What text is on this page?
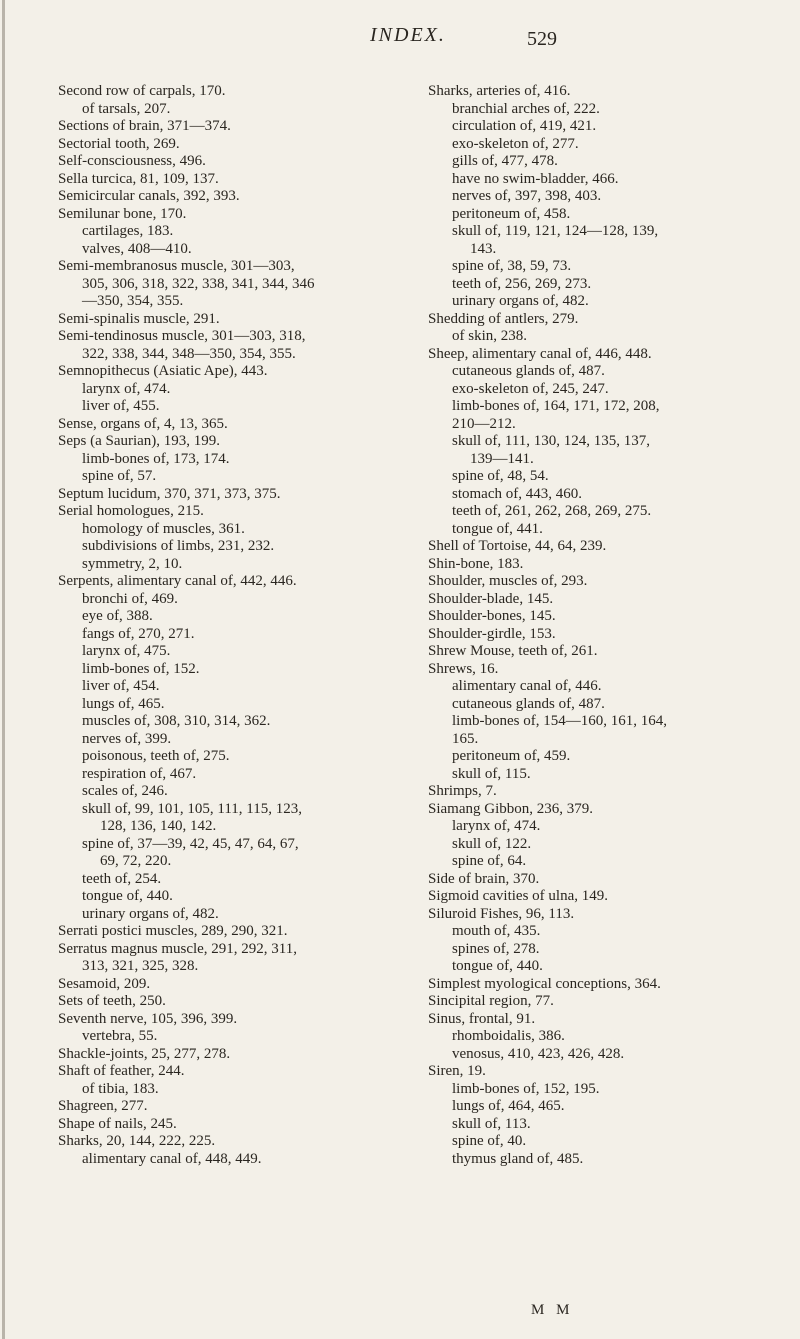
INDEX.	529

Second row of carpals, 170.

of tarsals, 207.

Sections of brain, 371—374.

Sectorial tooth, 269.

Self-consciousness, 496.

Sella turcica, 81, 109, 137.

Semicircular canals, 392, 393.

Semilunar bone, 170.

cartilages, 183.

valves, 408—410.

Semi-membranosus muscle, 301—303,

305, 306, 318, 322, 338, 341, 344, 346

—350, 354, 355.

Semi-spinalis muscle, 291.

Semi-tendinosus muscle, 301—303, 318,

322, 338, 344, 348—350, 354, 355.

Semnopithecus (Asiatic Ape), 443.

larynx of, 474.

liver of, 455.

Sense, organs of, 4, 13, 365.

Seps (a Saurian), 193, 199.

limb-bones of, 173, 174.

spine of, 57.

Septum lucidum, 370, 371, 373, 375.

Serial homologues, 215.

homology of muscles, 361.

subdivisions of limbs, 231, 232.

symmetry, 2, 10.

Serpents, alimentary canal of, 442, 446.

bronchi of, 469.

eye of, 388.

fangs of, 270, 271.

larynx of, 475.

limb-bones of, 152.

liver of, 454.

lungs of, 465.

muscles of, 308, 310, 314, 362.

nerves of, 399.

poisonous, teeth of, 275.

respiration of, 467.

scales of, 246.

skull of, 99, 101, 105, 111, 115, 123,

128, 136, 140, 142.

spine of, 37—39, 42, 45, 47, 64, 67,

69, 72, 220.

teeth of, 254.

tongue of, 440.

urinary organs of, 482.

Serrati postici muscles, 289, 290, 321.

Serratus magnus muscle, 291, 292, 311,

313, 321, 325, 328.

Sesamoid, 209.

Sets of teeth, 250.

Seventh nerve, 105, 396, 399.

vertebra, 55.

Shackle-joints, 25, 277, 278.

Shaft of feather, 244.

of tibia, 183.

Shagreen, 277.

Shape of nails, 245.

Sharks, 20, 144, 222, 225.

alimentary canal of, 448, 449.

Sharks, arteries of, 416.

branchial arches of, 222.

circulation of, 419, 421.

exo-skeleton of, 277.

gills of, 477, 478.

have no swim-bladder, 466.

nerves of, 397, 398, 403.

peritoneum of, 458.

skull of, 119, 121, 124—128, 139,

143.

spine of, 38, 59, 73.

teeth of, 256, 269, 273.

urinary organs of, 482.

Shedding of antlers, 279.

of skin, 238.

Sheep, alimentary canal of, 446, 448.

cutaneous glands of, 487.

exo-skeleton of, 245, 247.

limb-bones of, 164, 171, 172, 208,

210—212.

skull of, 111, 130, 124, 135, 137,

139—141.

spine of, 48, 54.

stomach of, 443, 460.

teeth of, 261, 262, 268, 269, 275.

tongue of, 441.

Shell of Tortoise, 44, 64, 239.

Shin-bone, 183.

Shoulder, muscles of, 293.

Shoulder-blade, 145.

Shoulder-bones, 145.

Shoulder-girdle, 153.

Shrew Mouse, teeth of, 261.

Shrews, 16.

alimentary canal of, 446.

cutaneous glands of, 487.

limb-bones of, 154—160, 161, 164,

165.

peritoneum of, 459.

skull of, 115.

Shrimps, 7.

Siamang Gibbon, 236, 379.

larynx of, 474.

skull of, 122.

spine of, 64.

Side of brain, 370.

Sigmoid cavities of ulna, 149.

Siluroid Fishes, 96, 113.

mouth of, 435.

spines of, 278.

tongue of, 440.

Simplest myological conceptions, 364.

Sincipital region, 77.

Sinus, frontal, 91.

rhomboidalis, 386.

venosus, 410, 423, 426, 428.

Siren, 19.

limb-bones of, 152, 195.

lungs of, 464, 465.

skull of, 113.

spine of, 40.

thymus gland of, 485.

M M
